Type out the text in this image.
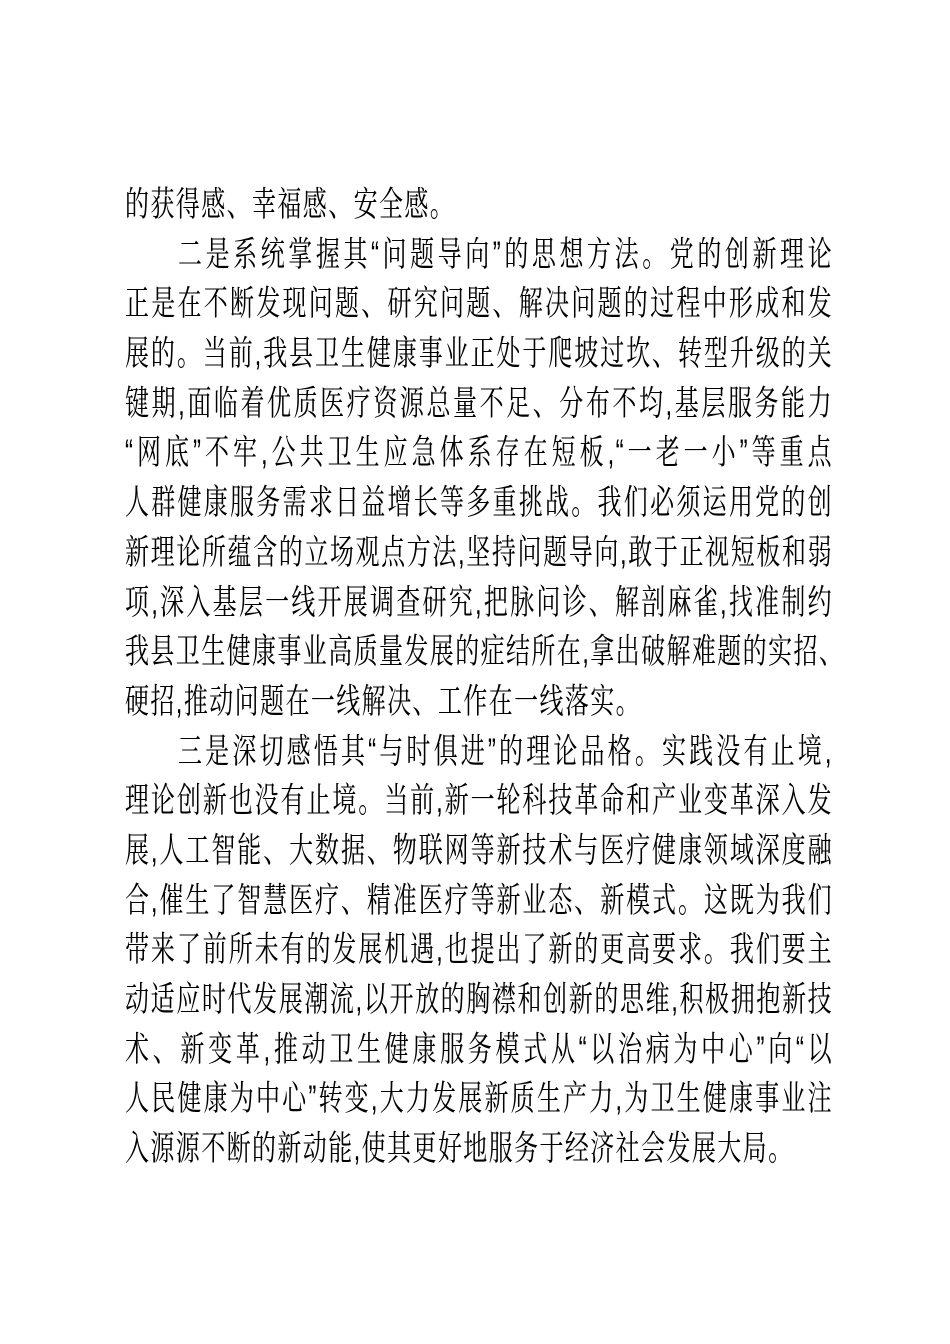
的获得感、幸福感、安全感。
二是系统掌握其“问题导向”的思想方法。党的创新理论
正是在不断发现问题、研究问题、解决问题的过程中形成和发
展的。当前,我县卫生健康事业正处于爬坡过坎、转型升级的关
键期,面临着优质医疗资源总量不足、分布不均,基层服务能力
“网底”不牢,公共卫生应急体系存在短板,“一老一小”等重点
人群健康服务需求日益增长等多重挑战。我们必须运用党的创
新理论所蕴含的立场观点方法,坚持问题导向,敢于正视短板和弱
项,深入基层一线开展调查研究,把脉问诊、解剖麻雀,找准制约
我县卫生健康事业高质量发展的症结所在,拿出破解难题的实招、
硬招,推动问题在一线解决、工作在一线落实。
三是深切感悟其“与时俱进”的理论品格。实践没有止境,
理论创新也没有止境。当前,新一轮科技革命和产业变革深入发
展,人工智能、大数据、物联网等新技术与医疗健康领域深度融
合,催生了智慧医疗、精准医疗等新业态、新模式。这既为我们
带来了前所未有的发展机遇,也提出了新的更高要求。我们要主
动适应时代发展潮流,以开放的胸襟和创新的思维,积极拥抱新技
术、新变革,推动卫生健康服务模式从“以治病为中心”向“以
人民健康为中心”转变,大力发展新质生产力,为卫生健康事业注
入源源不断的新动能,使其更好地服务于经济社会发展大局。
